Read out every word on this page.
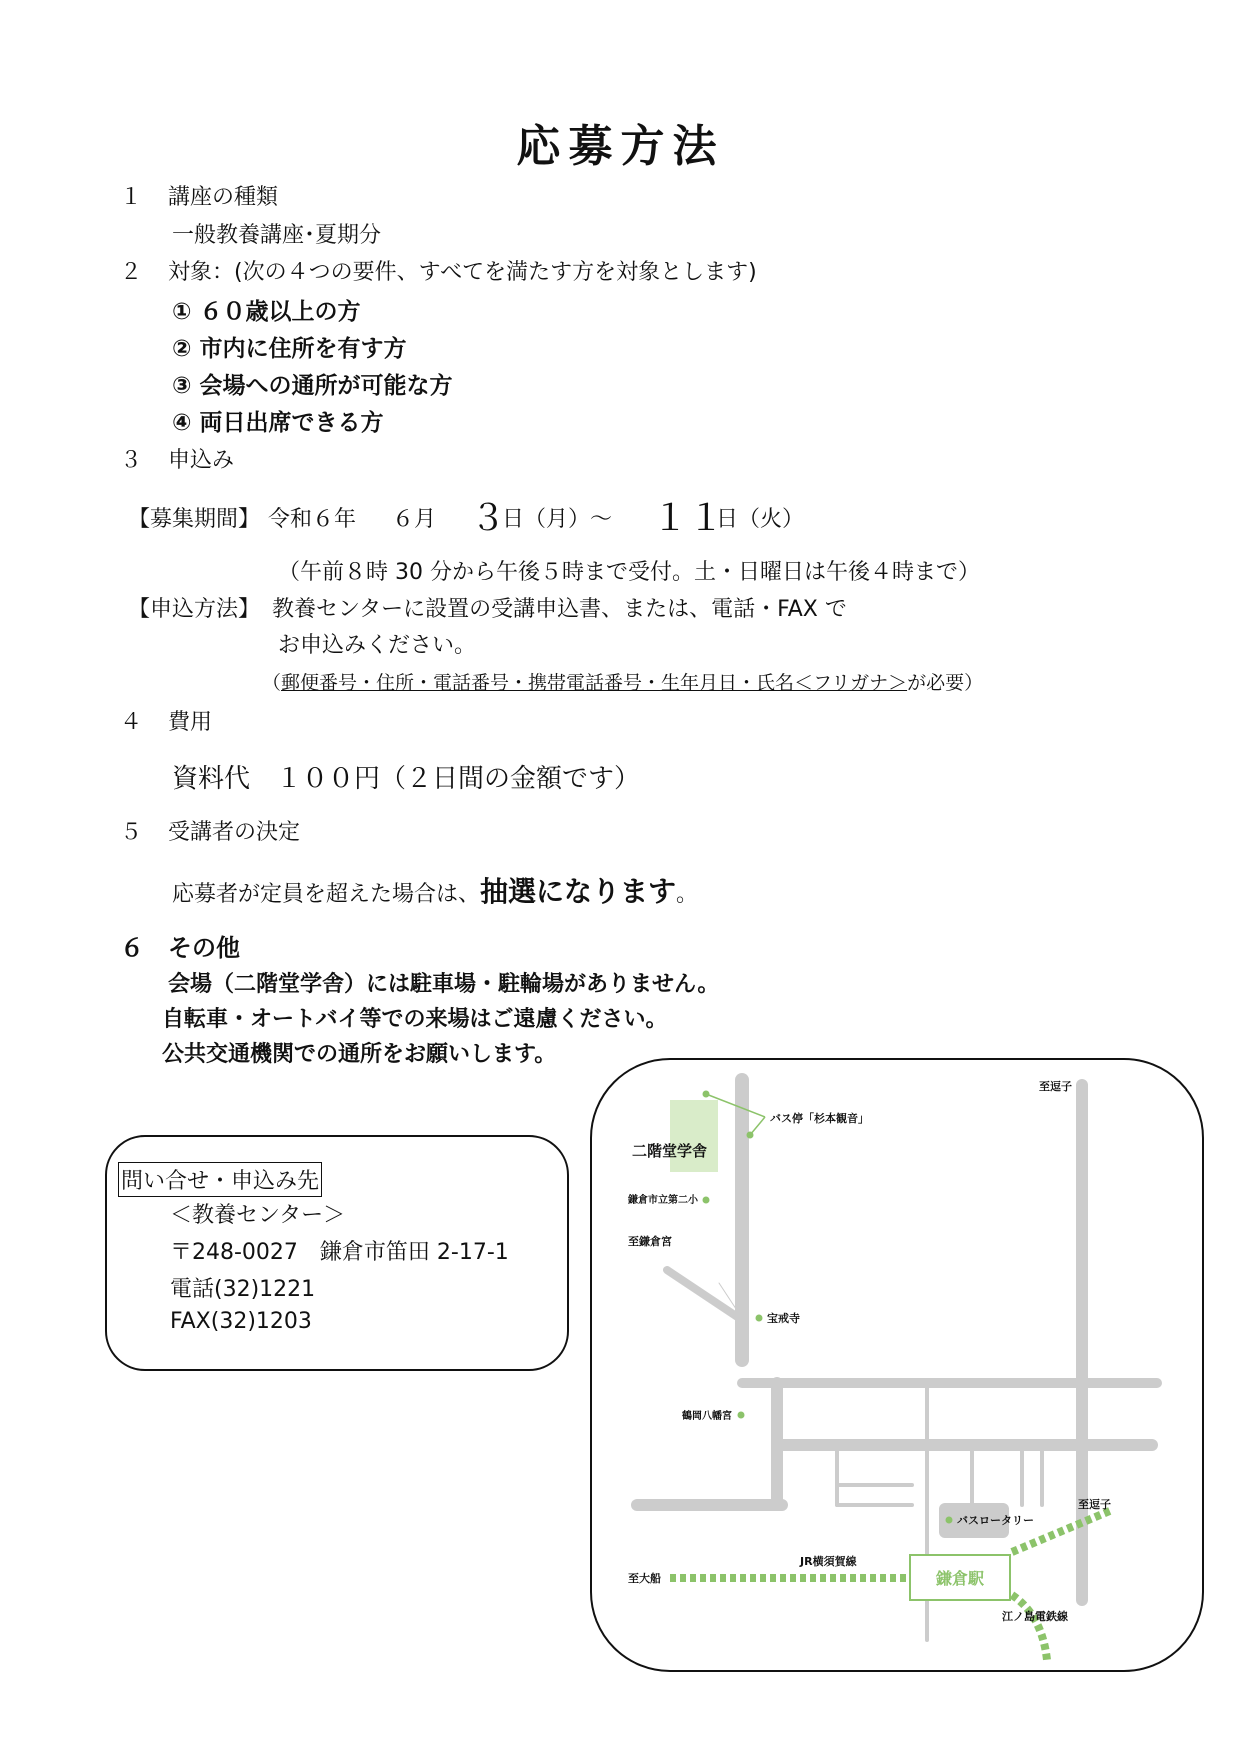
応募方法
１ 講座の種類
一般教養講座･夏期分
２ 対象：(次の４つの要件、すべてを満たす方を対象とします)
① ６０歳以上の方
② 市内に住所を有す方
③ 会場への通所が可能な方
④ 両日出席できる方
３ 申込み
【募集期間】 令和６年 ６月 ３
日（月）～ １１
日（火）
（午前８時 30 分から午後５時まで受付。土・日曜日は午後４時まで）
【申込方法】 教養センターに設置の受講申込書、または、電話・FAX で
お申込みください。
（郵便番号・住所・電話番号・携帯電話番号・生年月日・氏名＜フリガナ＞が必要）
４ 費用
資料代　１００円（２日間の金額です）
５ 受講者の決定
応募者が定員を超えた場合は、抽選になります。
６ その他
会場（二階堂学舎）には駐車場・駐輪場がありません。
自転車・オートバイ等での来場はご遠慮ください。
公共交通機関での通所をお願いします。
問い合せ・申込み先
＜教養センター＞
〒248-0027　鎌倉市笛田 2-17-1
電話(32)1221
FAX(32)1203
至逗子
バス停「杉本観音」
二階堂学舎
鎌倉市立第二小
至鎌倉宮
宝戒寺
鶴岡八幡宮
バスロータリー
至逗子
JR横須賀線
至大船	鎌倉駅
江ノ島電鉄線
